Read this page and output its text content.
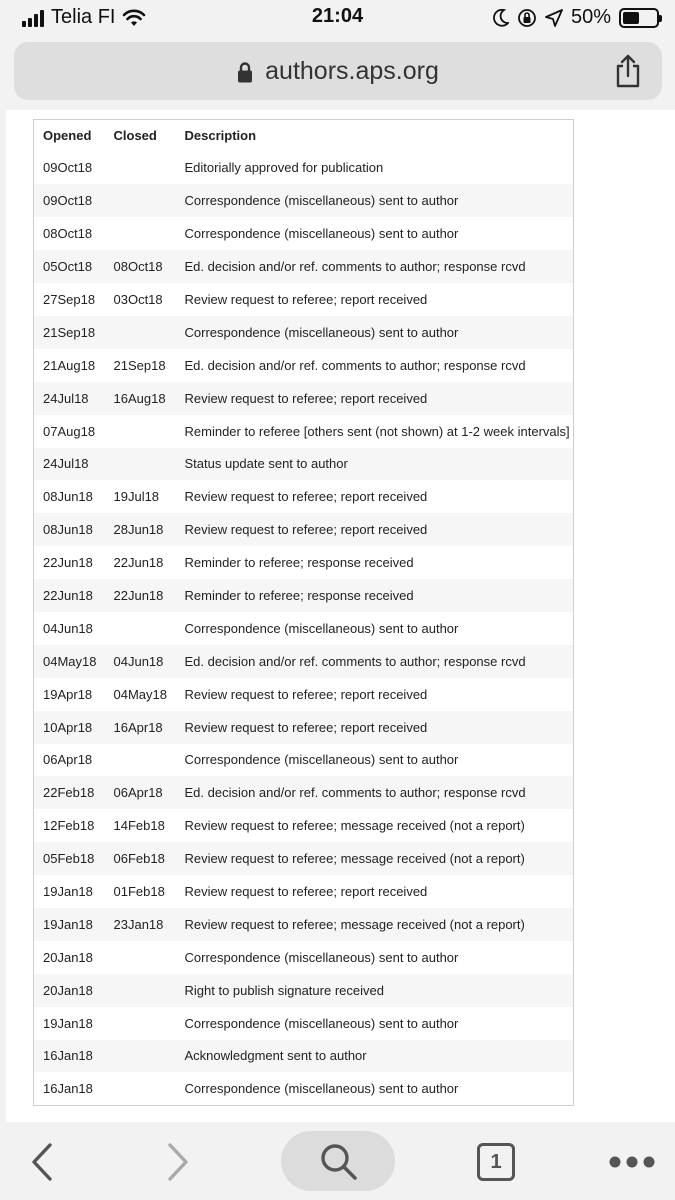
Telia FI	21:04	50%
authors.aps.org
Opened	Closed	Description
09Oct18		Editorially approved for publication
09Oct18		Correspondence (miscellaneous) sent to author
08Oct18		Correspondence (miscellaneous) sent to author
05Oct18	08Oct18	Ed. decision and/or ref. comments to author; response rcvd
27Sep18	03Oct18	Review request to referee; report received
21Sep18		Correspondence (miscellaneous) sent to author
21Aug18	21Sep18	Ed. decision and/or ref. comments to author; response rcvd
24Jul18	16Aug18	Review request to referee; report received
07Aug18		Reminder to referee [others sent (not shown) at 1-2 week intervals]
24Jul18		Status update sent to author
08Jun18	19Jul18	Review request to referee; report received
08Jun18	28Jun18	Review request to referee; report received
22Jun18	22Jun18	Reminder to referee; response received
22Jun18	22Jun18	Reminder to referee; response received
04Jun18		Correspondence (miscellaneous) sent to author
04May18	04Jun18	Ed. decision and/or ref. comments to author; response rcvd
19Apr18	04May18	Review request to referee; report received
10Apr18	16Apr18	Review request to referee; report received
06Apr18		Correspondence (miscellaneous) sent to author
22Feb18	06Apr18	Ed. decision and/or ref. comments to author; response rcvd
12Feb18	14Feb18	Review request to referee; message received (not a report)
05Feb18	06Feb18	Review request to referee; message received (not a report)
19Jan18	01Feb18	Review request to referee; report received
19Jan18	23Jan18	Review request to referee; message received (not a report)
20Jan18		Correspondence (miscellaneous) sent to author
20Jan18		Right to publish signature received
19Jan18		Correspondence (miscellaneous) sent to author
16Jan18		Acknowledgment sent to author
16Jan18		Correspondence (miscellaneous) sent to author
1
